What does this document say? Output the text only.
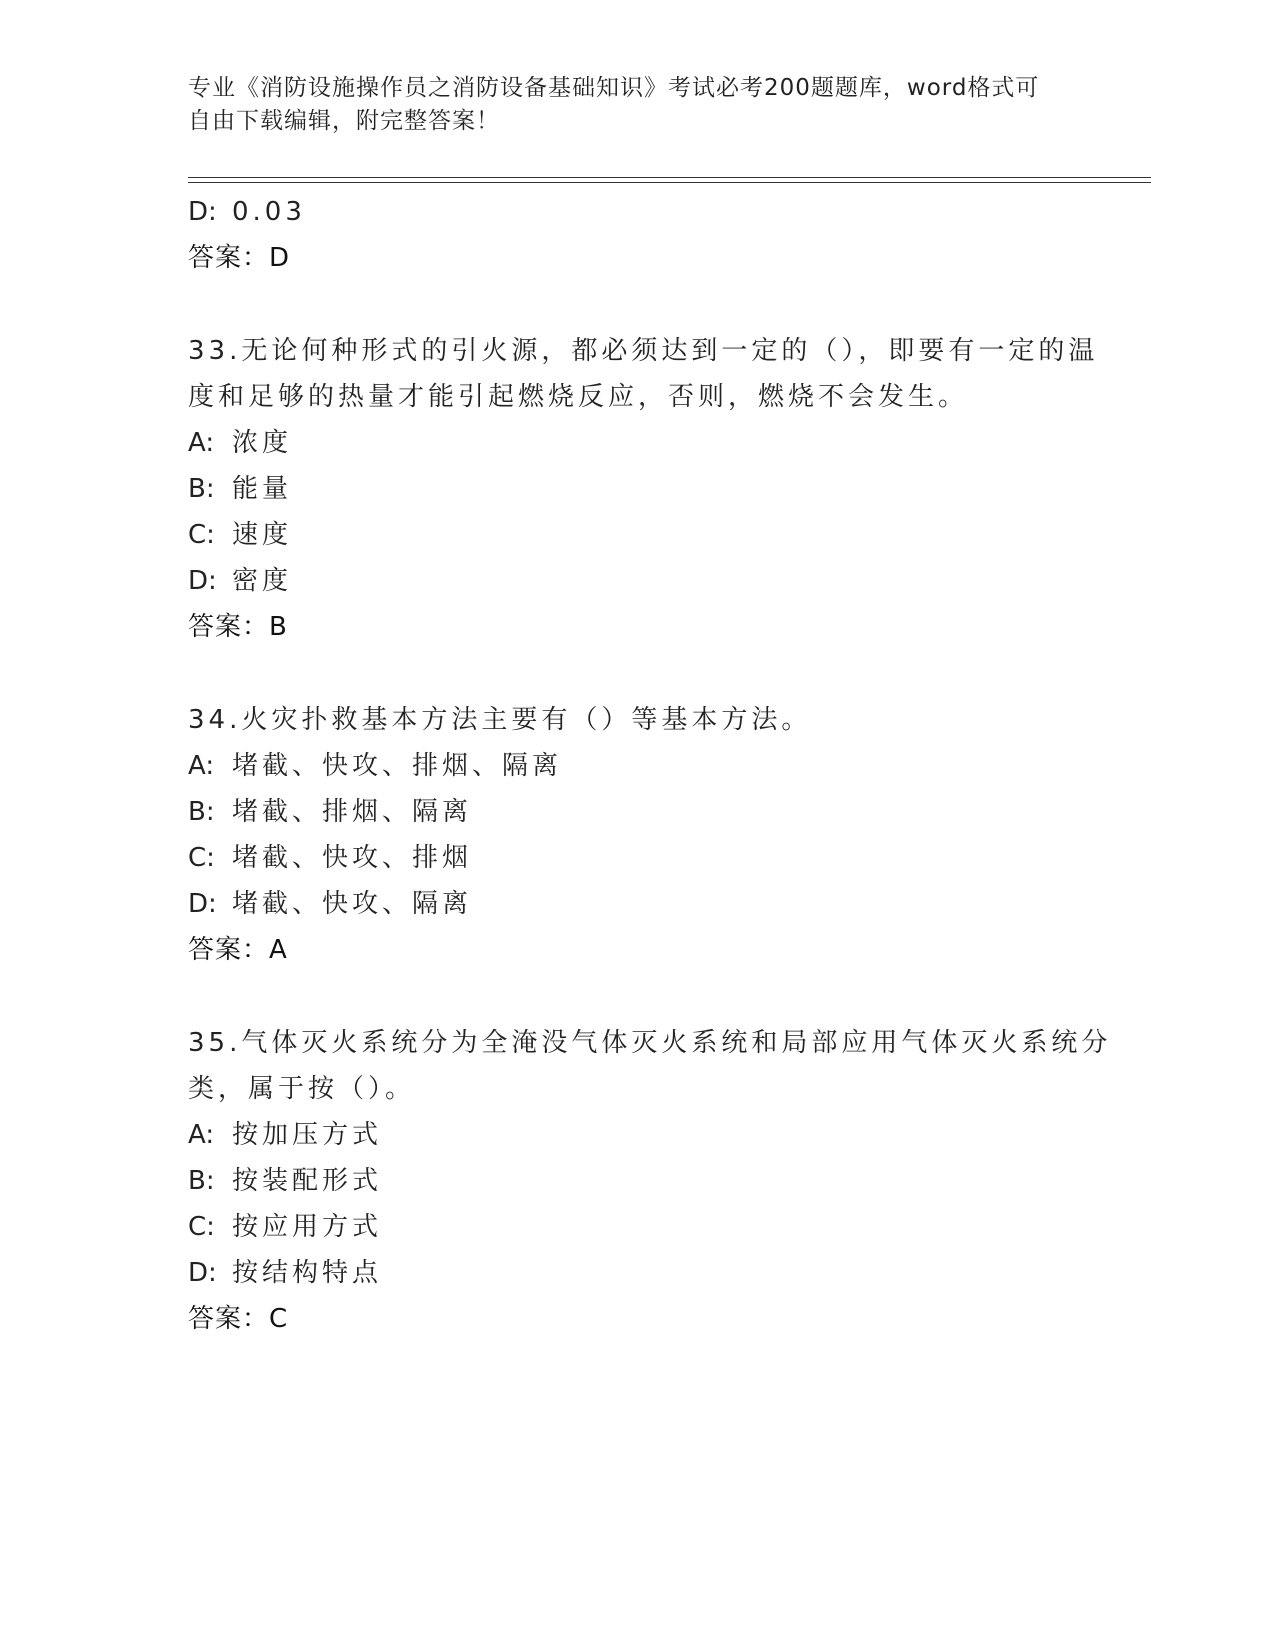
专业《消防设施操作员之消防设备基础知识》考试必考200题题库，word格式可
自由下载编辑，附完整答案！
D: 0.03
答案：D
33.无论何种形式的引火源，都必须达到一定的（），即要有一定的温
度和足够的热量才能引起燃烧反应，否则，燃烧不会发生。
A: 浓度
B: 能量
C: 速度
D: 密度
答案：B
34.火灾扑救基本方法主要有（）等基本方法。
A: 堵截、快攻、排烟、隔离
B: 堵截、排烟、隔离
C: 堵截、快攻、排烟
D: 堵截、快攻、隔离
答案：A
35.气体灭火系统分为全淹没气体灭火系统和局部应用气体灭火系统分
类，属于按（）。
A: 按加压方式
B: 按装配形式
C: 按应用方式
D: 按结构特点
答案：C
